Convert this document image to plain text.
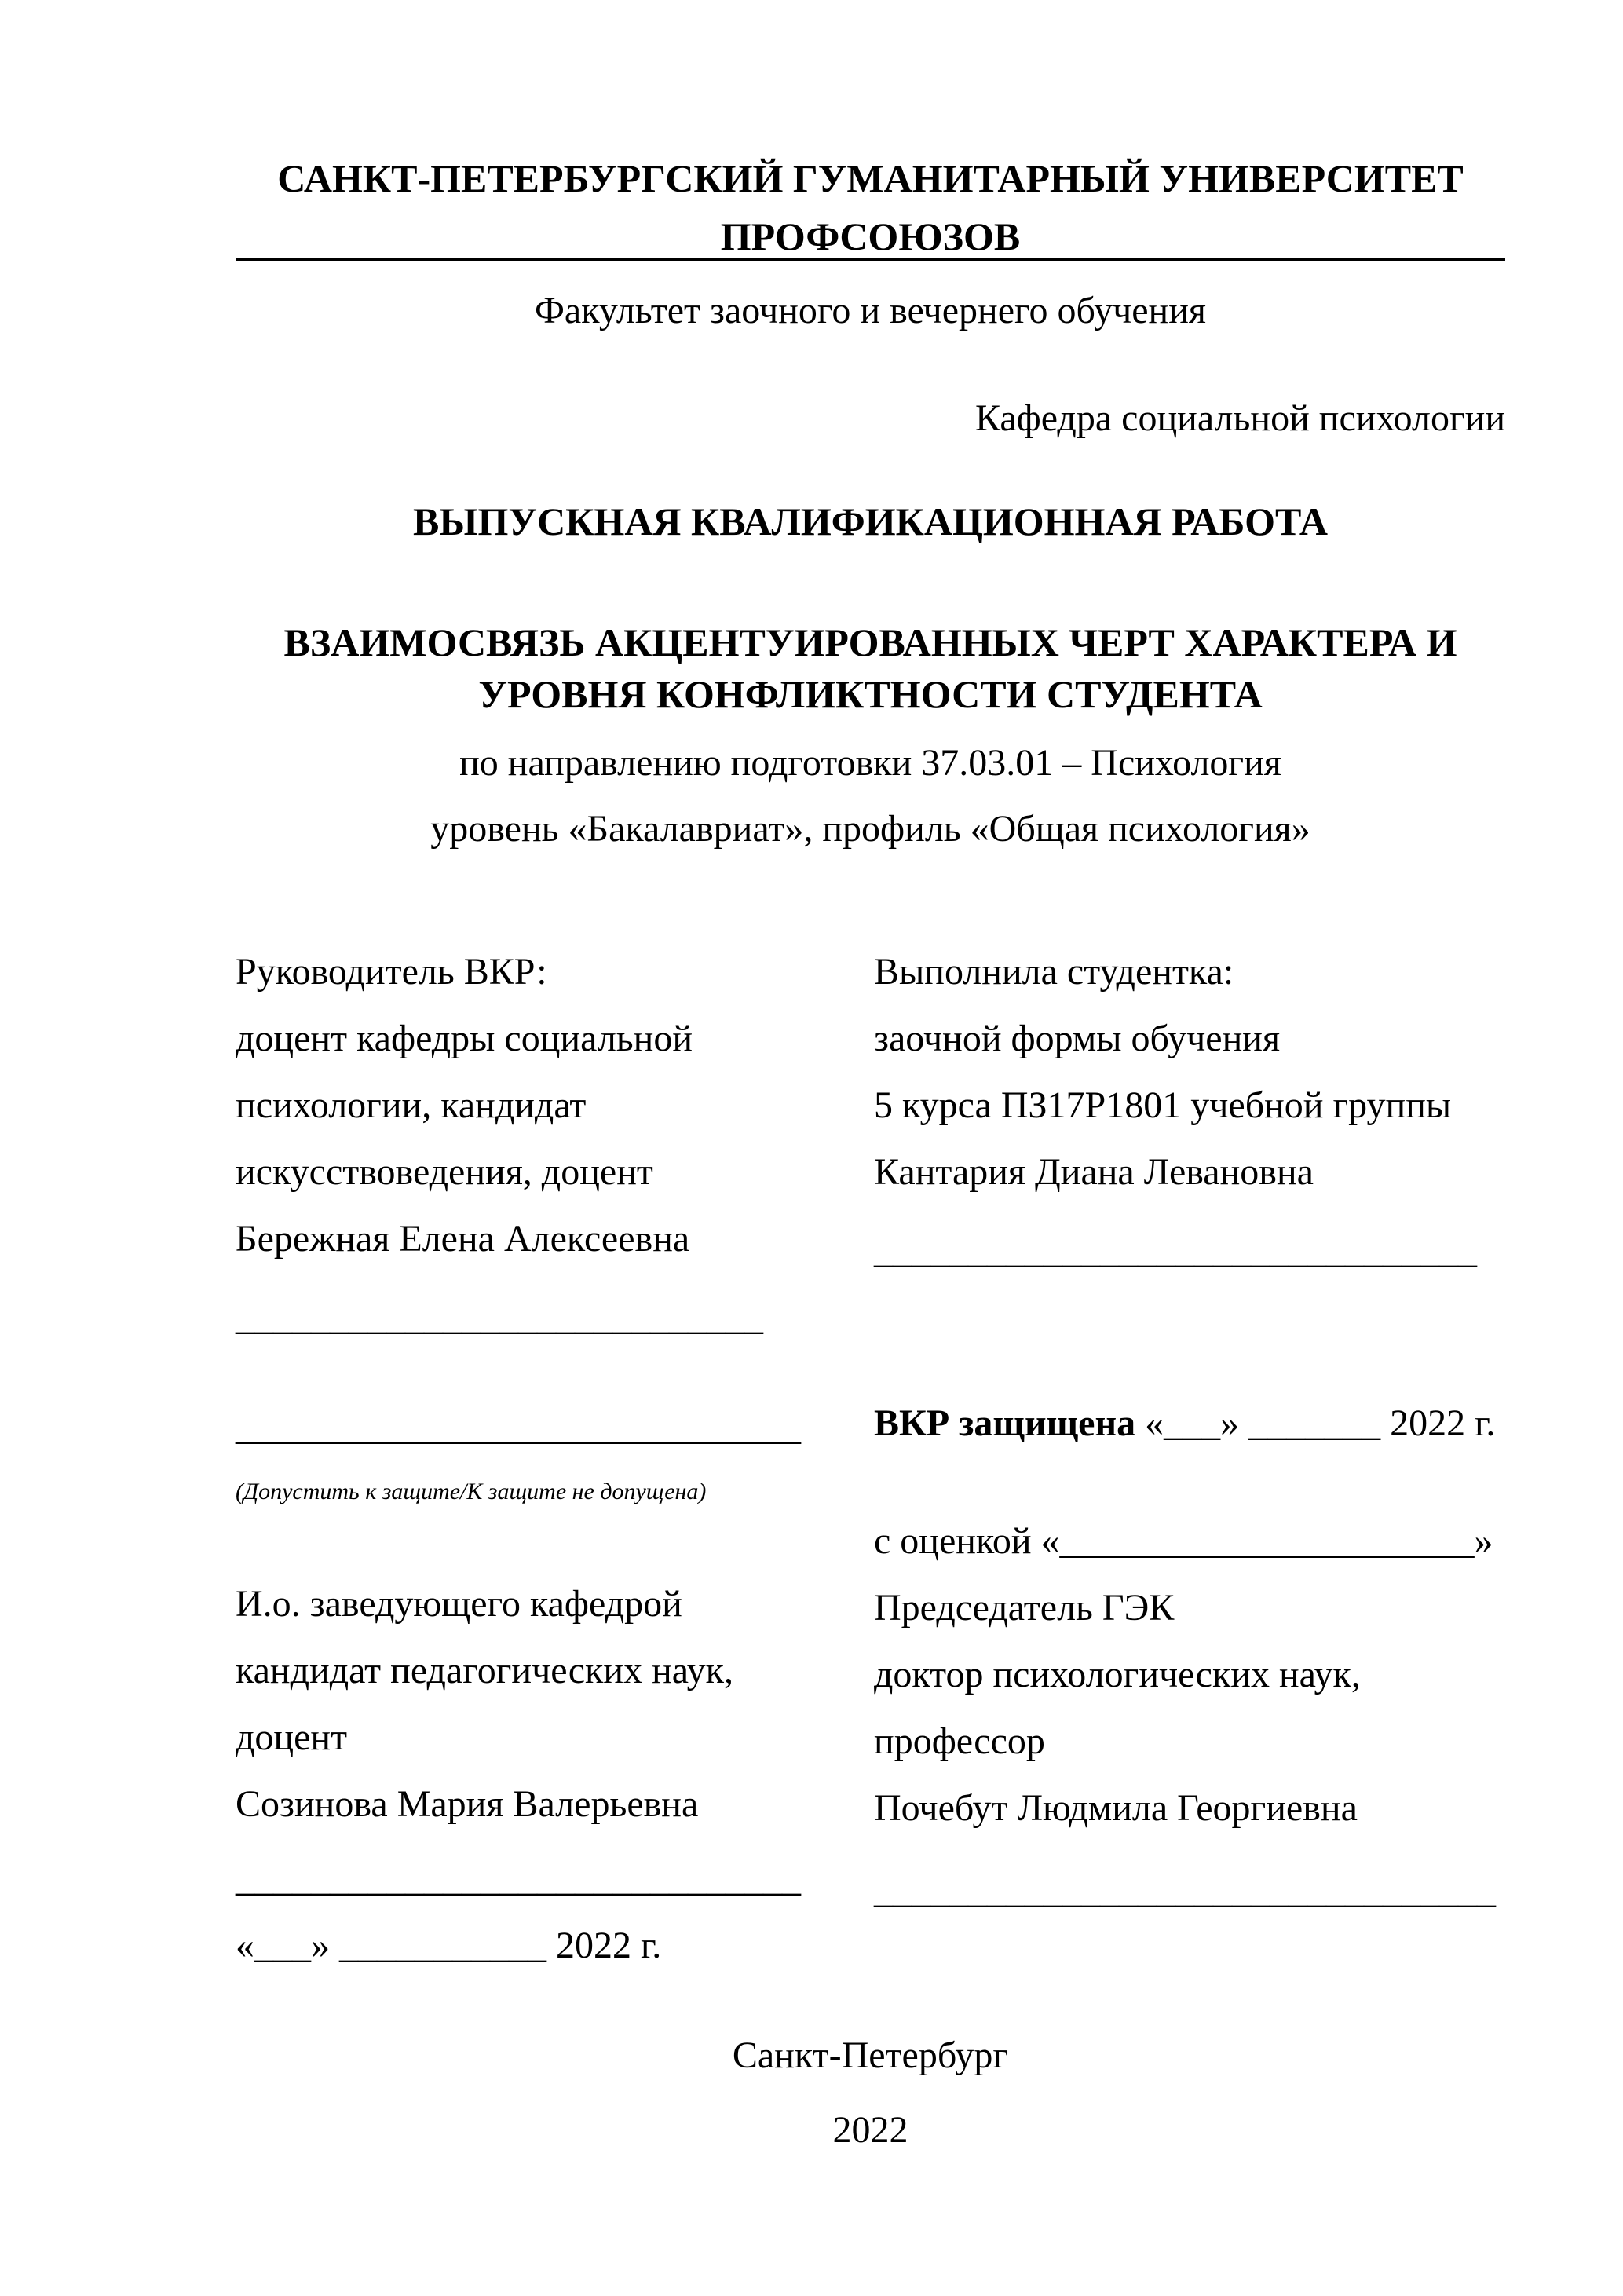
САНКТ-ПЕТЕРБУРГСКИЙ ГУМАНИТАРНЫЙ УНИВЕРСИТЕТ
ПРОФСОЮЗОВ
Факультет заочного и вечернего обучения
Кафедра социальной психологии
ВЫПУСКНАЯ КВАЛИФИКАЦИОННАЯ РАБОТА
ВЗАИМОСВЯЗЬ АКЦЕНТУИРОВАННЫХ ЧЕРТ ХАРАКТЕРА И
УРОВНЯ КОНФЛИКТНОСТИ СТУДЕНТА
по направлению подготовки 37.03.01 – Психология
уровень «Бакалавриат», профиль «Общая психология»
Руководитель ВКР:
доцент кафедры социальной
психологии, кандидат
искусствоведения, доцент
Бережная Елена Алексеевна
____________________________
______________________________
(Допустить к защите/К защите не допущена)
И.о. заведующего кафедрой
кандидат педагогических наук,
доцент
Созинова Мария Валерьевна
______________________________
«___» ___________ 2022 г.
Выполнила студентка:
заочной формы обучения
5 курса ПЗ17Р1801 учебной группы
Кантария Диана Левановна
________________________________
ВКР защищена «___» _______ 2022 г.
с оценкой «______________________»
Председатель ГЭК
доктор психологических наук,
профессор
Почебут Людмила Георгиевна
_________________________________
Санкт-Петербург
2022
